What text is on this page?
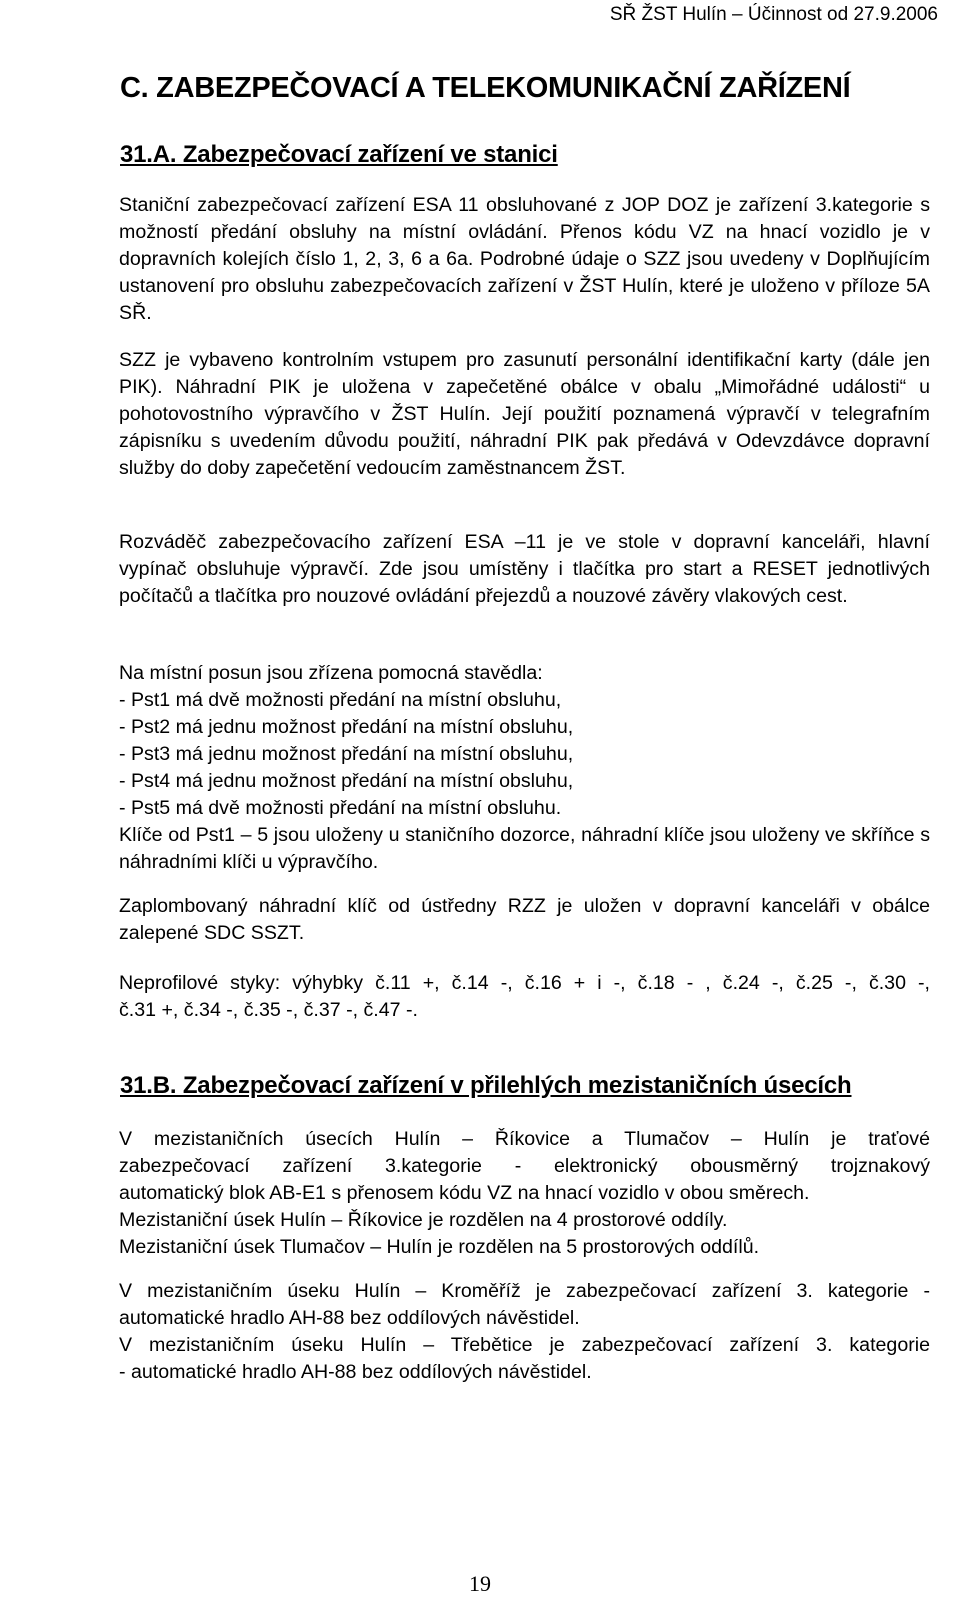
SŘ ŽST Hulín – Účinnost od 27.9.2006
C. ZABEZPEČOVACÍ A TELEKOMUNIKAČNÍ ZAŘÍZENÍ
31.A. Zabezpečovací zařízení ve stanici

Staniční zabezpečovací zařízení ESA 11 obsluhované z JOP DOZ je zařízení 3.kategorie s možností předání obsluhy na místní ovládání. Přenos kódu VZ na hnací vozidlo je v dopravních kolejích číslo 1, 2, 3, 6 a 6a. Podrobné údaje o SZZ jsou uvedeny v Doplňujícím ustanovení pro obsluhu zabezpečovacích zařízení v ŽST Hulín, které je uloženo v příloze 5A SŘ.

SZZ je vybaveno kontrolním vstupem pro zasunutí personální identifikační karty (dále jen PIK). Náhradní PIK je uložena v zapečetěné obálce v obalu „Mimořádné události“ u pohotovostního výpravčího v ŽST Hulín. Její použití poznamená výpravčí v telegrafním zápisníku s uvedením důvodu použití, náhradní PIK pak předává v Odevzdávce dopravní služby do doby zapečetění vedoucím zaměstnancem ŽST.

Rozváděč zabezpečovacího zařízení ESA –11 je ve stole v dopravní kanceláři, hlavní vypínač obsluhuje výpravčí. Zde jsou umístěny i tlačítka pro start a RESET jednotlivých počítačů a tlačítka pro nouzové ovládání přejezdů a nouzové závěry vlakových cest.

Na místní posun jsou zřízena pomocná stavědla:
- Pst1 má dvě možnosti předání na místní obsluhu,
- Pst2 má jednu možnost předání na místní obsluhu,
- Pst3 má jednu možnost předání na místní obsluhu,
- Pst4 má jednu možnost předání na místní obsluhu,
- Pst5 má dvě možnosti předání na místní obsluhu.

Klíče od Pst1 – 5 jsou uloženy u staničního dozorce, náhradní klíče jsou uloženy ve skříňce s náhradními klíči u výpravčího.

Zaplombovaný náhradní klíč od ústředny RZZ je uložen v dopravní kanceláři v obálce zalepené SDC SSZT.

Neprofilové styky: výhybky č.11 +, č.14 -, č.16 + i -, č.18 - , č.24 -, č.25 -, č.30 -,
č.31 +, č.34 -, č.35 -, č.37 -, č.47 -.
31.B. Zabezpečovací zařízení v přilehlých mezistaničních úsecích
V mezistaničních úsecích Hulín – Říkovice a Tlumačov – Hulín je traťové
zabezpečovací zařízení 3.kategorie - elektronický obousměrný trojznakový
automatický blok AB-E1 s přenosem kódu VZ na hnací vozidlo v obou směrech.
Mezistaniční úsek Hulín – Říkovice je rozdělen na 4 prostorové oddíly.
Mezistaniční úsek Tlumačov – Hulín je rozdělen na 5 prostorových oddílů.
V mezistaničním úseku Hulín – Kroměříž je zabezpečovací zařízení 3. kategorie -
automatické hradlo AH-88 bez oddílových návěstidel.
V mezistaničním úseku Hulín – Třebětice je zabezpečovací zařízení 3. kategorie
- automatické hradlo AH-88 bez oddílových návěstidel.
19
